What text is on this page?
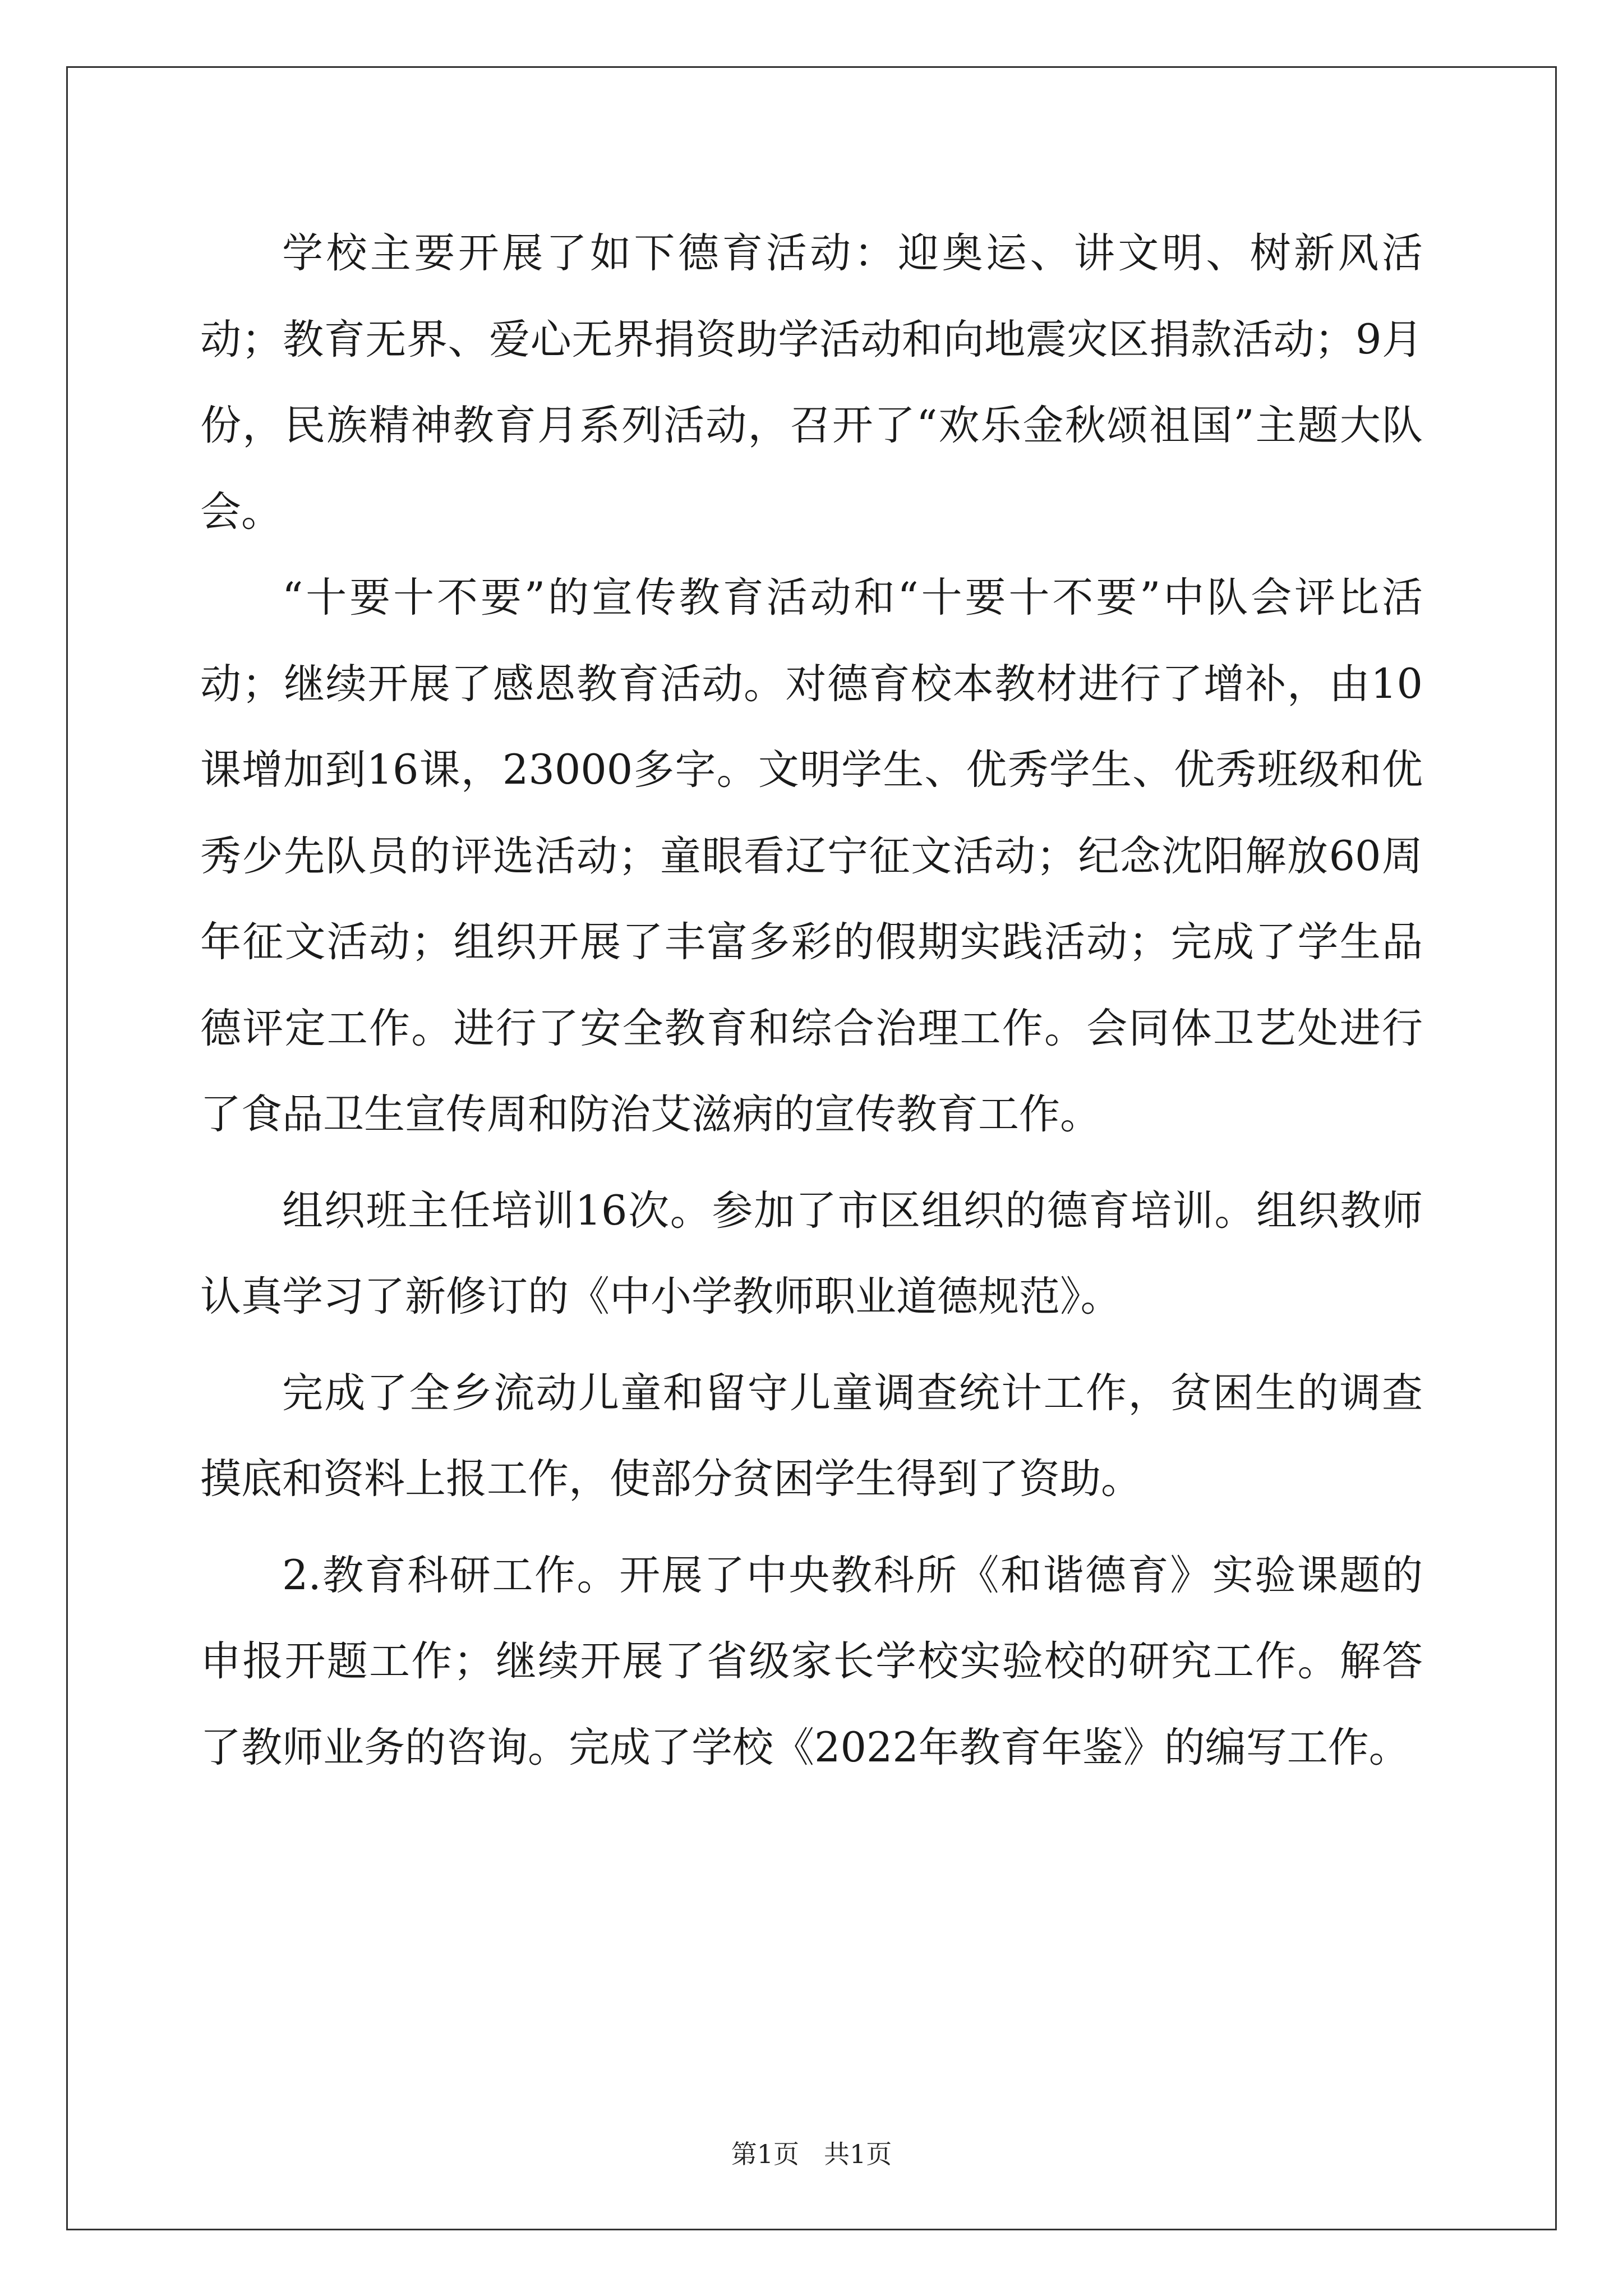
学校主要开展了如下德育活动：迎奥运、讲文明、树新风活动；教育无界、爱心无界捐资助学活动和向地震灾区捐款活动；9月份，民族精神教育月系列活动，召开了“欢乐金秋颂祖国”主题大队会。

“十要十不要”的宣传教育活动和“十要十不要”中队会评比活动；继续开展了感恩教育活动。对德育校本教材进行了增补，由10课增加到16课，23000多字。文明学生、优秀学生、优秀班级和优秀少先队员的评选活动；童眼看辽宁征文活动；纪念沈阳解放60周年征文活动；组织开展了丰富多彩的假期实践活动；完成了学生品德评定工作。进行了安全教育和综合治理工作。会同体卫艺处进行了食品卫生宣传周和防治艾滋病的宣传教育工作。

组织班主任培训16次。参加了市区组织的德育培训。组织教师认真学习了新修订的《中小学教师职业道德规范》。

完成了全乡流动儿童和留守儿童调查统计工作，贫困生的调查摸底和资料上报工作，使部分贫困学生得到了资助。

2.教育科研工作。开展了中央教科所《和谐德育》实验课题的申报开题工作；继续开展了省级家长学校实验校的研究工作。解答了教师业务的咨询。完成了学校《2022年教育年鉴》的编写工作。

第1页 共1页
